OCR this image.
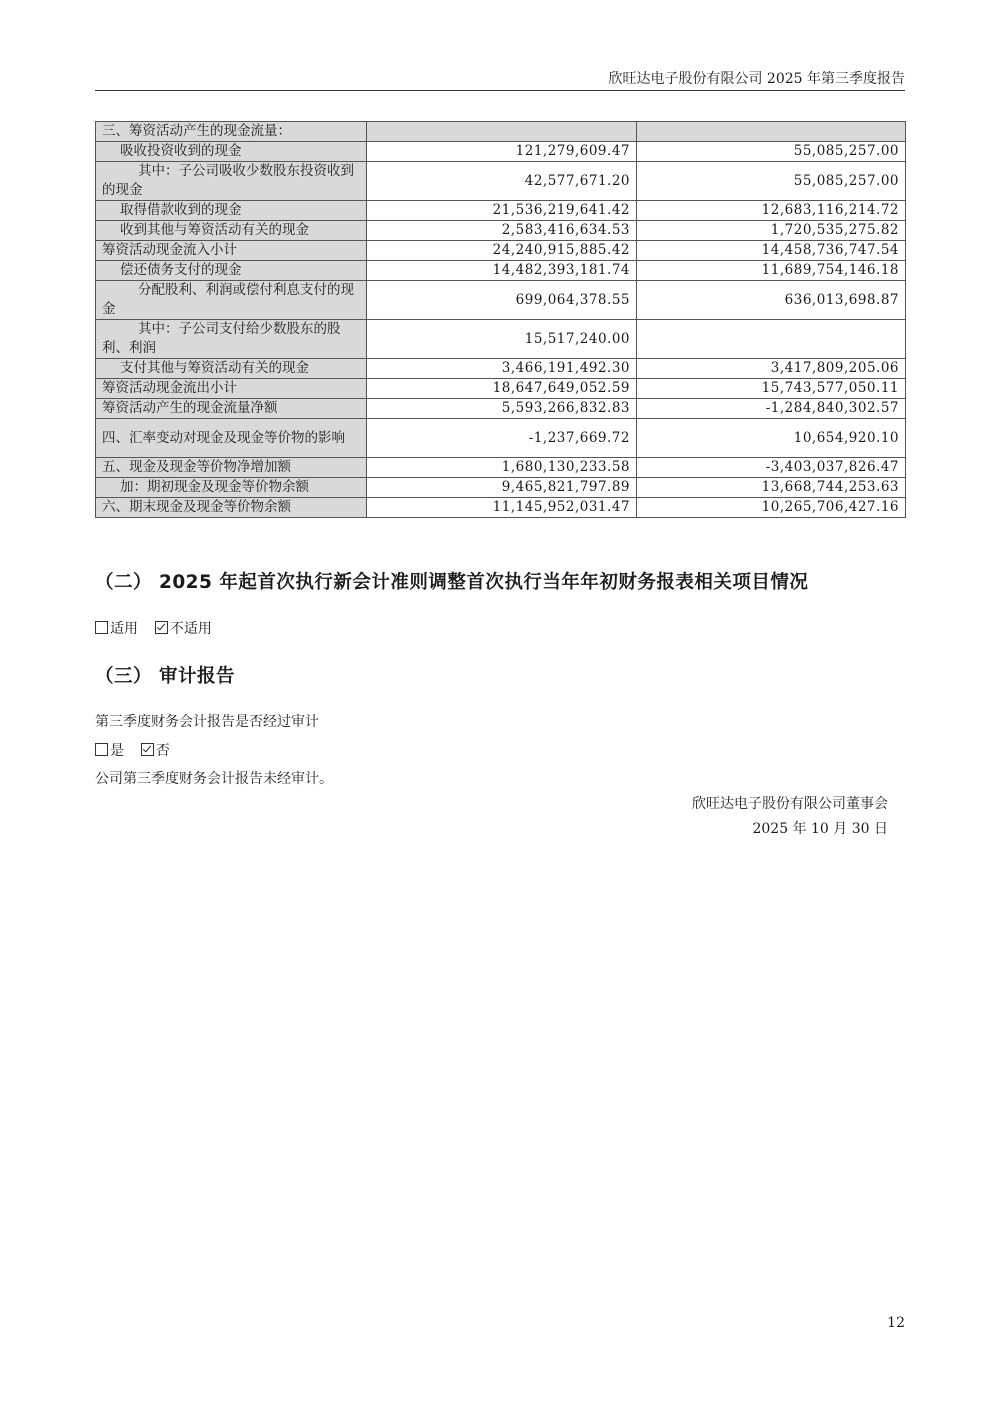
欣旺达电子股份有限公司 2025 年第三季度报告
三、筹资活动产生的现金流量：		
吸收投资收到的现金	121,279,609.47	55,085,257.00
其中：子公司吸收少数股东投资收到的现金	42,577,671.20	55,085,257.00
取得借款收到的现金	21,536,219,641.42	12,683,116,214.72
收到其他与筹资活动有关的现金	2,583,416,634.53	1,720,535,275.82
筹资活动现金流入小计	24,240,915,885.42	14,458,736,747.54
偿还债务支付的现金	14,482,393,181.74	11,689,754,146.18
分配股利、利润或偿付利息支付的现金	699,064,378.55	636,013,698.87
其中：子公司支付给少数股东的股利、利润	15,517,240.00	
支付其他与筹资活动有关的现金	3,466,191,492.30	3,417,809,205.06
筹资活动现金流出小计	18,647,649,052.59	15,743,577,050.11
筹资活动产生的现金流量净额	5,593,266,832.83	-1,284,840,302.57
四、汇率变动对现金及现金等价物的影响	-1,237,669.72	10,654,920.10
五、现金及现金等价物净增加额	1,680,130,233.58	-3,403,037,826.47
加：期初现金及现金等价物余额	9,465,821,797.89	13,668,744,253.63
六、期末现金及现金等价物余额	11,145,952,031.47	10,265,706,427.16
（二） 2025 年起首次执行新会计准则调整首次执行当年年初财务报表相关项目情况
适用 不适用
（三） 审计报告
第三季度财务会计报告是否经过审计
是 否
公司第三季度财务会计报告未经审计。
欣旺达电子股份有限公司董事会
2025 年 10 月 30 日
12
